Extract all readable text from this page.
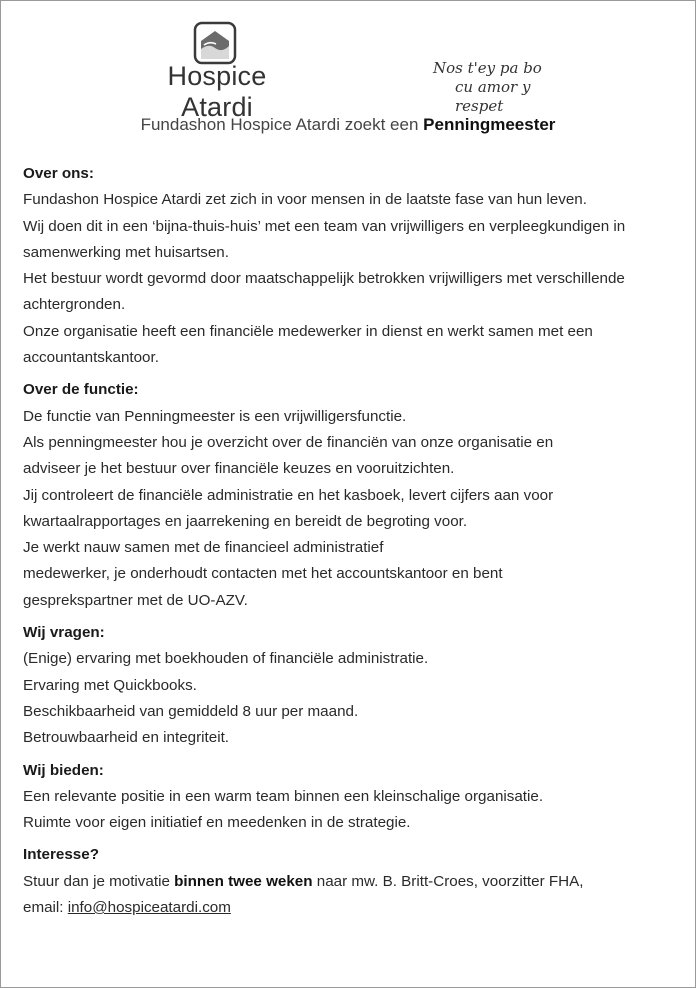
Hospice Atardi
Nos t'ey pa bo
cu amor y respet
Fundashon Hospice Atardi zoekt een Penningmeester

Over ons:

Fundashon Hospice Atardi zet zich in voor mensen in de laatste fase van hun leven.

Wij doen dit in een ‘bijna-thuis-huis’ met een team van vrijwilligers en verpleegkundigen in

samenwerking met huisartsen.

Het bestuur wordt gevormd door maatschappelijk betrokken vrijwilligers met verschillende

achtergronden.

Onze organisatie heeft een financiële medewerker in dienst en werkt samen met een

accountantskantoor.

Over de functie:

De functie van Penningmeester is een vrijwilligersfunctie.

Als penningmeester hou je overzicht over de financiën van onze organisatie en

adviseer je het bestuur over financiële keuzes en vooruitzichten.

Jij controleert de financiële administratie en het kasboek, levert cijfers aan voor

kwartaalrapportages en jaarrekening en bereidt de begroting voor.

Je werkt nauw samen met de financieel administratief

medewerker, je onderhoudt contacten met het accountskantoor en bent

gesprekspartner met de UO-AZV.

Wij vragen:

(Enige) ervaring met boekhouden of financiële administratie.

Ervaring met Quickbooks.

Beschikbaarheid van gemiddeld 8 uur per maand.

Betrouwbaarheid en integriteit.

Wij bieden:

Een relevante positie in een warm team binnen een kleinschalige organisatie.

Ruimte voor eigen initiatief en meedenken in de strategie.

Interesse?

Stuur dan je motivatie binnen twee weken naar mw. B. Britt-Croes, voorzitter FHA,

email: info@hospiceatardi.com
